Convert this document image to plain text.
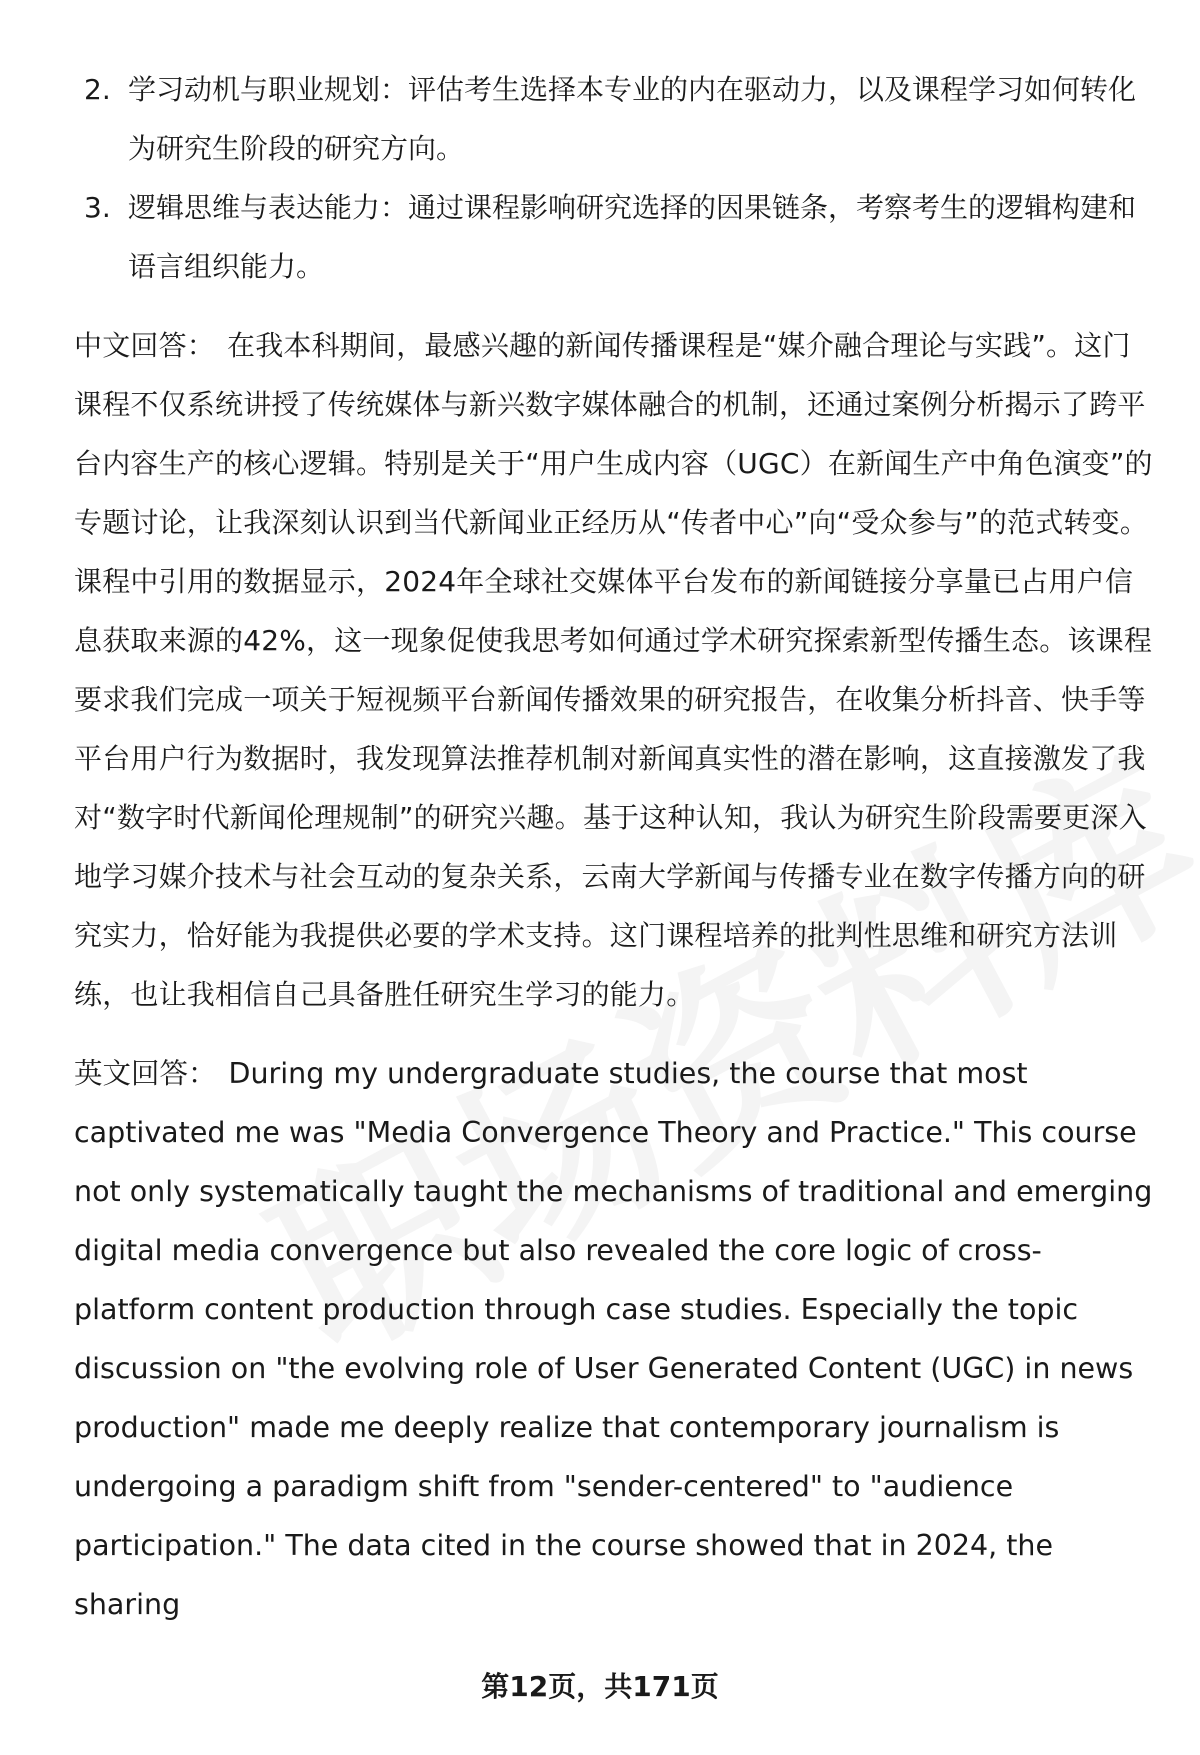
2. 学习动机与职业规划：评估考生选择本专业的内在驱动力，以及课程学习如何转化为研究生阶段的研究方向。
3. 逻辑思维与表达能力：通过课程影响研究选择的因果链条，考察考生的逻辑构建和语言组织能力。

中文回答： 在我本科期间，最感兴趣的新闻传播课程是“媒介融合理论与实践”。这门课程不仅系统讲授了传统媒体与新兴数字媒体融合的机制，还通过案例分析揭示了跨平台内容生产的核心逻辑。特别是关于“用户生成内容（UGC）在新闻生产中角色演变”的专题讨论，让我深刻认识到当代新闻业正经历从“传者中心”向“受众参与”的范式转变。课程中引用的数据显示，2024年全球社交媒体平台发布的新闻链接分享量已占用户信息获取来源的42%，这一现象促使我思考如何通过学术研究探索新型传播生态。该课程要求我们完成一项关于短视频平台新闻传播效果的研究报告，在收集分析抖音、快手等平台用户行为数据时，我发现算法推荐机制对新闻真实性的潜在影响，这直接激发了我对“数字时代新闻伦理规制”的研究兴趣。基于这种认知，我认为研究生阶段需要更深入地学习媒介技术与社会互动的复杂关系，云南大学新闻与传播专业在数字传播方向的研究实力，恰好能为我提供必要的学术支持。这门课程培养的批判性思维和研究方法训练，也让我相信自己具备胜任研究生学习的能力。

英文回答： During my undergraduate studies, the course that most captivated me was "Media Convergence Theory and Practice." This course not only systematically taught the mechanisms of traditional and emerging digital media convergence but also revealed the core logic of cross-platform content production through case studies. Especially the topic discussion on "the evolving role of User Generated Content (UGC) in news production" made me deeply realize that contemporary journalism is undergoing a paradigm shift from "sender-centered" to "audience participation." The data cited in the course showed that in 2024, the sharing

第12页，共171页
